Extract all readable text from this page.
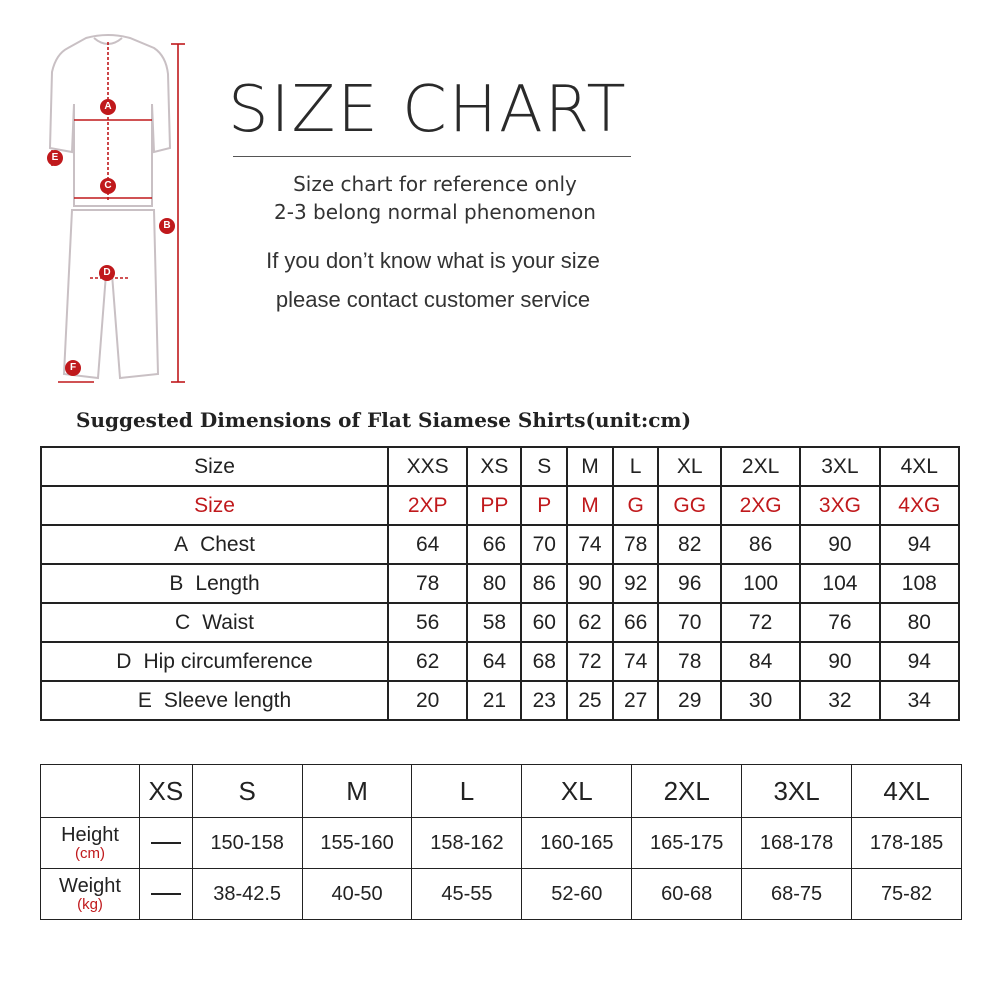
A
B
C
D
E
F
SIZE CHART
Size chart for reference only
2-3 belong normal phenomenon
If you don’t know what is your size
please contact customer service
Suggested Dimensions of Flat Siamese Shirts(unit:cm)
Size	XXS	XS	S	M	L	XL	2XL	3XL	4XL
Size	2XP	PP	P	M	G	GG	2XG	3XG	4XG
A Chest	64	66	70	74	78	82	86	90	94
B Length	78	80	86	90	92	96	100	104	108
C Waist	56	58	60	62	66	70	72	76	80
D Hip circumference	62	64	68	72	74	78	84	90	94
E Sleeve length	20	21	23	25	27	29	30	32	34
	XS	S	M	L	XL	2XL	3XL	4XL
Height
(cm)		150-158	155-160	158-162	160-165	165-175	168-178	178-185
Weight
(kg)		38-42.5	40-50	45-55	52-60	60-68	68-75	75-82
